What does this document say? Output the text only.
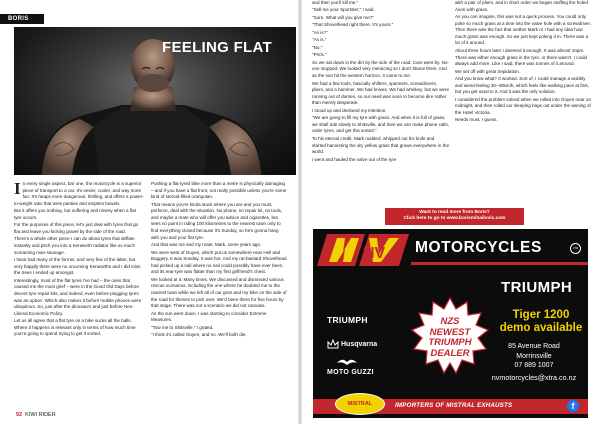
BORIS
FEELING FLAT

In every single aspect, bar one, the motorcycle is a superior piece of transport to a car. It's sexier, cooler, and way more fun. It's heaps more dangerous, thrilling, and offers a power-to-weight ratio that wets panties and empties bowels.

But it offers you nothing, but suffering and misery when a flat tyre occurs.

For the purposes of this piece, let's just deal with tyres that go flat and leave you kicking gravel by the side of the road.

There's a whole other piece I can do about tyres that deflate instantly and pitch you into a Kenworth radiator like so much screaming man-sausage.

I have had many of the former, and very few of the latter, but very happily there were no oncoming Kenworths and I did miss the trees I ended up amongst.

Interestingly, most of the flat tyres I've had – the ones that caused me the most grief – were in the Good Old Days before decent tyre repair kits, and indeed, even before plugging tyres was an option. Which also makes it before mobile phones were ubiquitous. So, just after the dinosaurs and just before Neo-Liberal Economic Policy.

Let us all agree that a flat tyre on a bike sucks all the balls. Where it happens is relevant only in terms of how much time you're going to spend trying to get it sorted.

Pushing a flat-tyred bike more than a metre is physically damaging – and if you have a flat front, not really possible unless you're some kind of steroid-filled orangutan.

That means you're kinda stuck where you are and you must, perforce, deal with the situation. No phone, no repair kit, no tools, and maybe a mate who will offer you advice and cigarettes, but sees no point in riding 100 kilometres to the nearest town only to find everything closed because it's Sunday, so he's gonna hang with you and your flat tyre.

And that was me and my mate, Mark, some years ago.

We were west of Ouyen, which put us somewhere near Hell and Buggery. It was Sunday. It was hot. And my rat-bastard Shovelhead had picked up a nail where no nail could possibly have ever been, and its rear-tyre was flatter than my first girlfriend's chest.

We looked at it. Many times. We discussed and dismissed various rescue scenarios, including the one where he doubled me to the nearest town while we left all of our gear and my bike on the side of the road for thieves to pick over. We'd been there for five hours by that stage. There was not a scenario we did not canvass.

As the sun went down, I was starting to consider Extreme Measures.

"Tow me to Shitsville," I grated.

"I think it's called Ouyen, and no. We'll both die,

92 KIWI RIDER

and then you'll kill me."

"Sell me your Sportster," I said.

"Sure. What will you give me?"

"That Shovelhead right there. It's yours."

"As is?"

"As is."

"No."

"Prick."

So we sat down in the dirt by the side of the road. Cars went by. No-one stopped. We looked very menacing so I don't blame them. And as the sun hit the western horizon, it came to me.

We had a few tools, basically shifters, spanners, screwdrivers, pliers, and a hammer. We had knives. We had whiskey, but we were running out of durries, so our need was soon to become dire rather than merely desperate.

I stood up and declared my intention.

"We are going to fill my tyre with grass. And when it is full of grass, we shall ride slowly to Shitsville, and then we can make phone calls, order tyres, and get this sorted."

To his eternal credit, Mark nodded, whipped out his knife and started harvesting the dry yellow grass that grows everywhere in the world.

I went and hauled the valve out of the tyre

with a pair of pliers, and in short order we began stuffing the holed Avon with grass.

As you can imagine, this was not a quick process. You could only poke so much grass at a time into the valve hole with a screwdriver. Then there was the fact that neither Mark or I had any idea how much grass was enough. So we just kept poking it in. There was a lot of it around.

About three hours later I deemed it enough. It was almost 10pm. There was either enough grass in the tyre, or there wasn't. I could always add more. Like I said, there was tonnes of it around.

We set off with great trepidation.

And you know what? It worked. Sort of. I could manage a wobbly and weird-feeling 30–40km/h, which feels like walking pace at first, but you get used to it. And it was the only solution.

I considered the problem solved when we rolled into Ouyen near on midnight, and then rolled our sleeping bags out under the awning of the Hotel Victoria.

Needs must, I guess.

Want to read more from Boris?
Click here to go to www.borismihailovic.com
NV MOTORCYCLES	LTD
TRIUMPH
Tiger 1200
demo available
TRIUMPH
Husqvarna
MOTO GUZZI
NZS
NEWEST
TRIUMPH
DEALER
85 Avenue Road
Morrinsville
07 889 1007
nvmotorcycles@xtra.co.nz
MISTRAL	IMPORTERS OF MISTRAL EXHAUSTS	f
